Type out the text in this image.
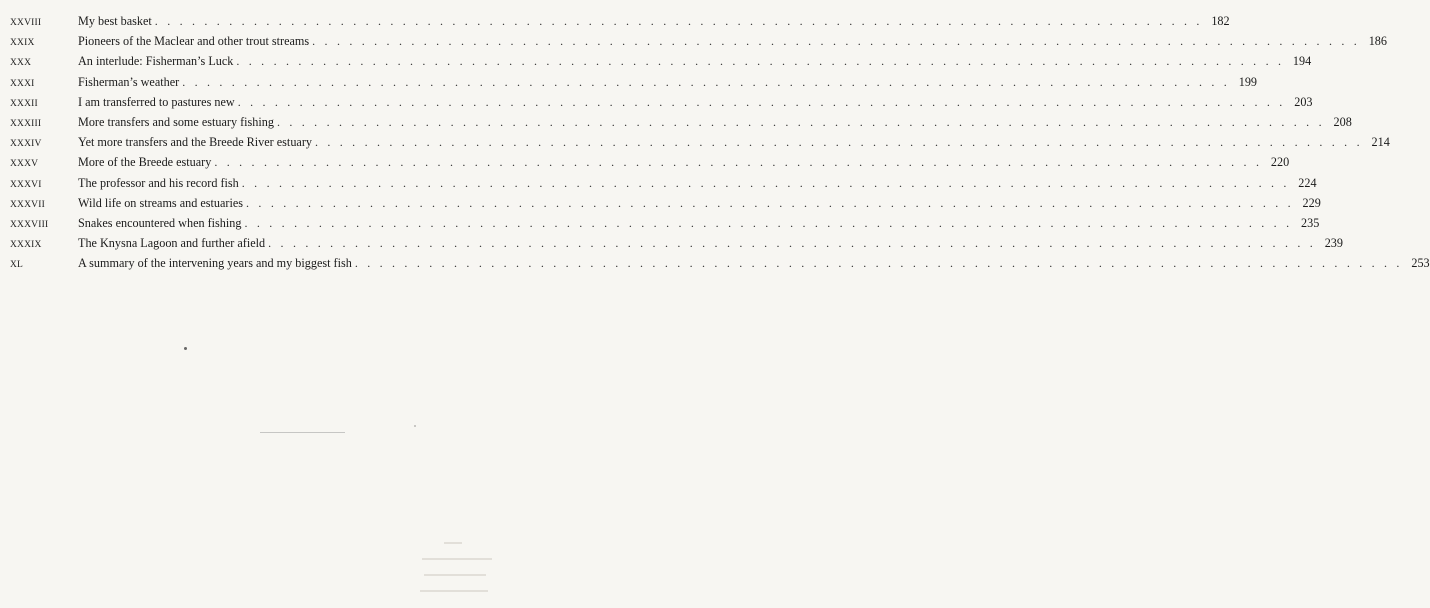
XXVIII	My best basket . . .	182
XXIX	Pioneers of the Maclear and other trout streams . . .	186
XXX	An interlude: Fisherman’s Luck . . .	194
XXXI	Fisherman’s weather . . .	199
XXXII	I am transferred to pastures new . . .	203
XXXIII	More transfers and some estuary fishing . . .	208
XXXIV	Yet more transfers and the Breede River estuary . . .	214
XXXV	More of the Breede estuary . . .	220
XXXVI	The professor and his record fish . . .	224
XXXVII	Wild life on streams and estuaries . . .	229
XXXVIII	Snakes encountered when fishing . . .	235
XXXIX	The Knysna Lagoon and further afield . . .	239
XL	A summary of the intervening years and my biggest fish . . .	253
